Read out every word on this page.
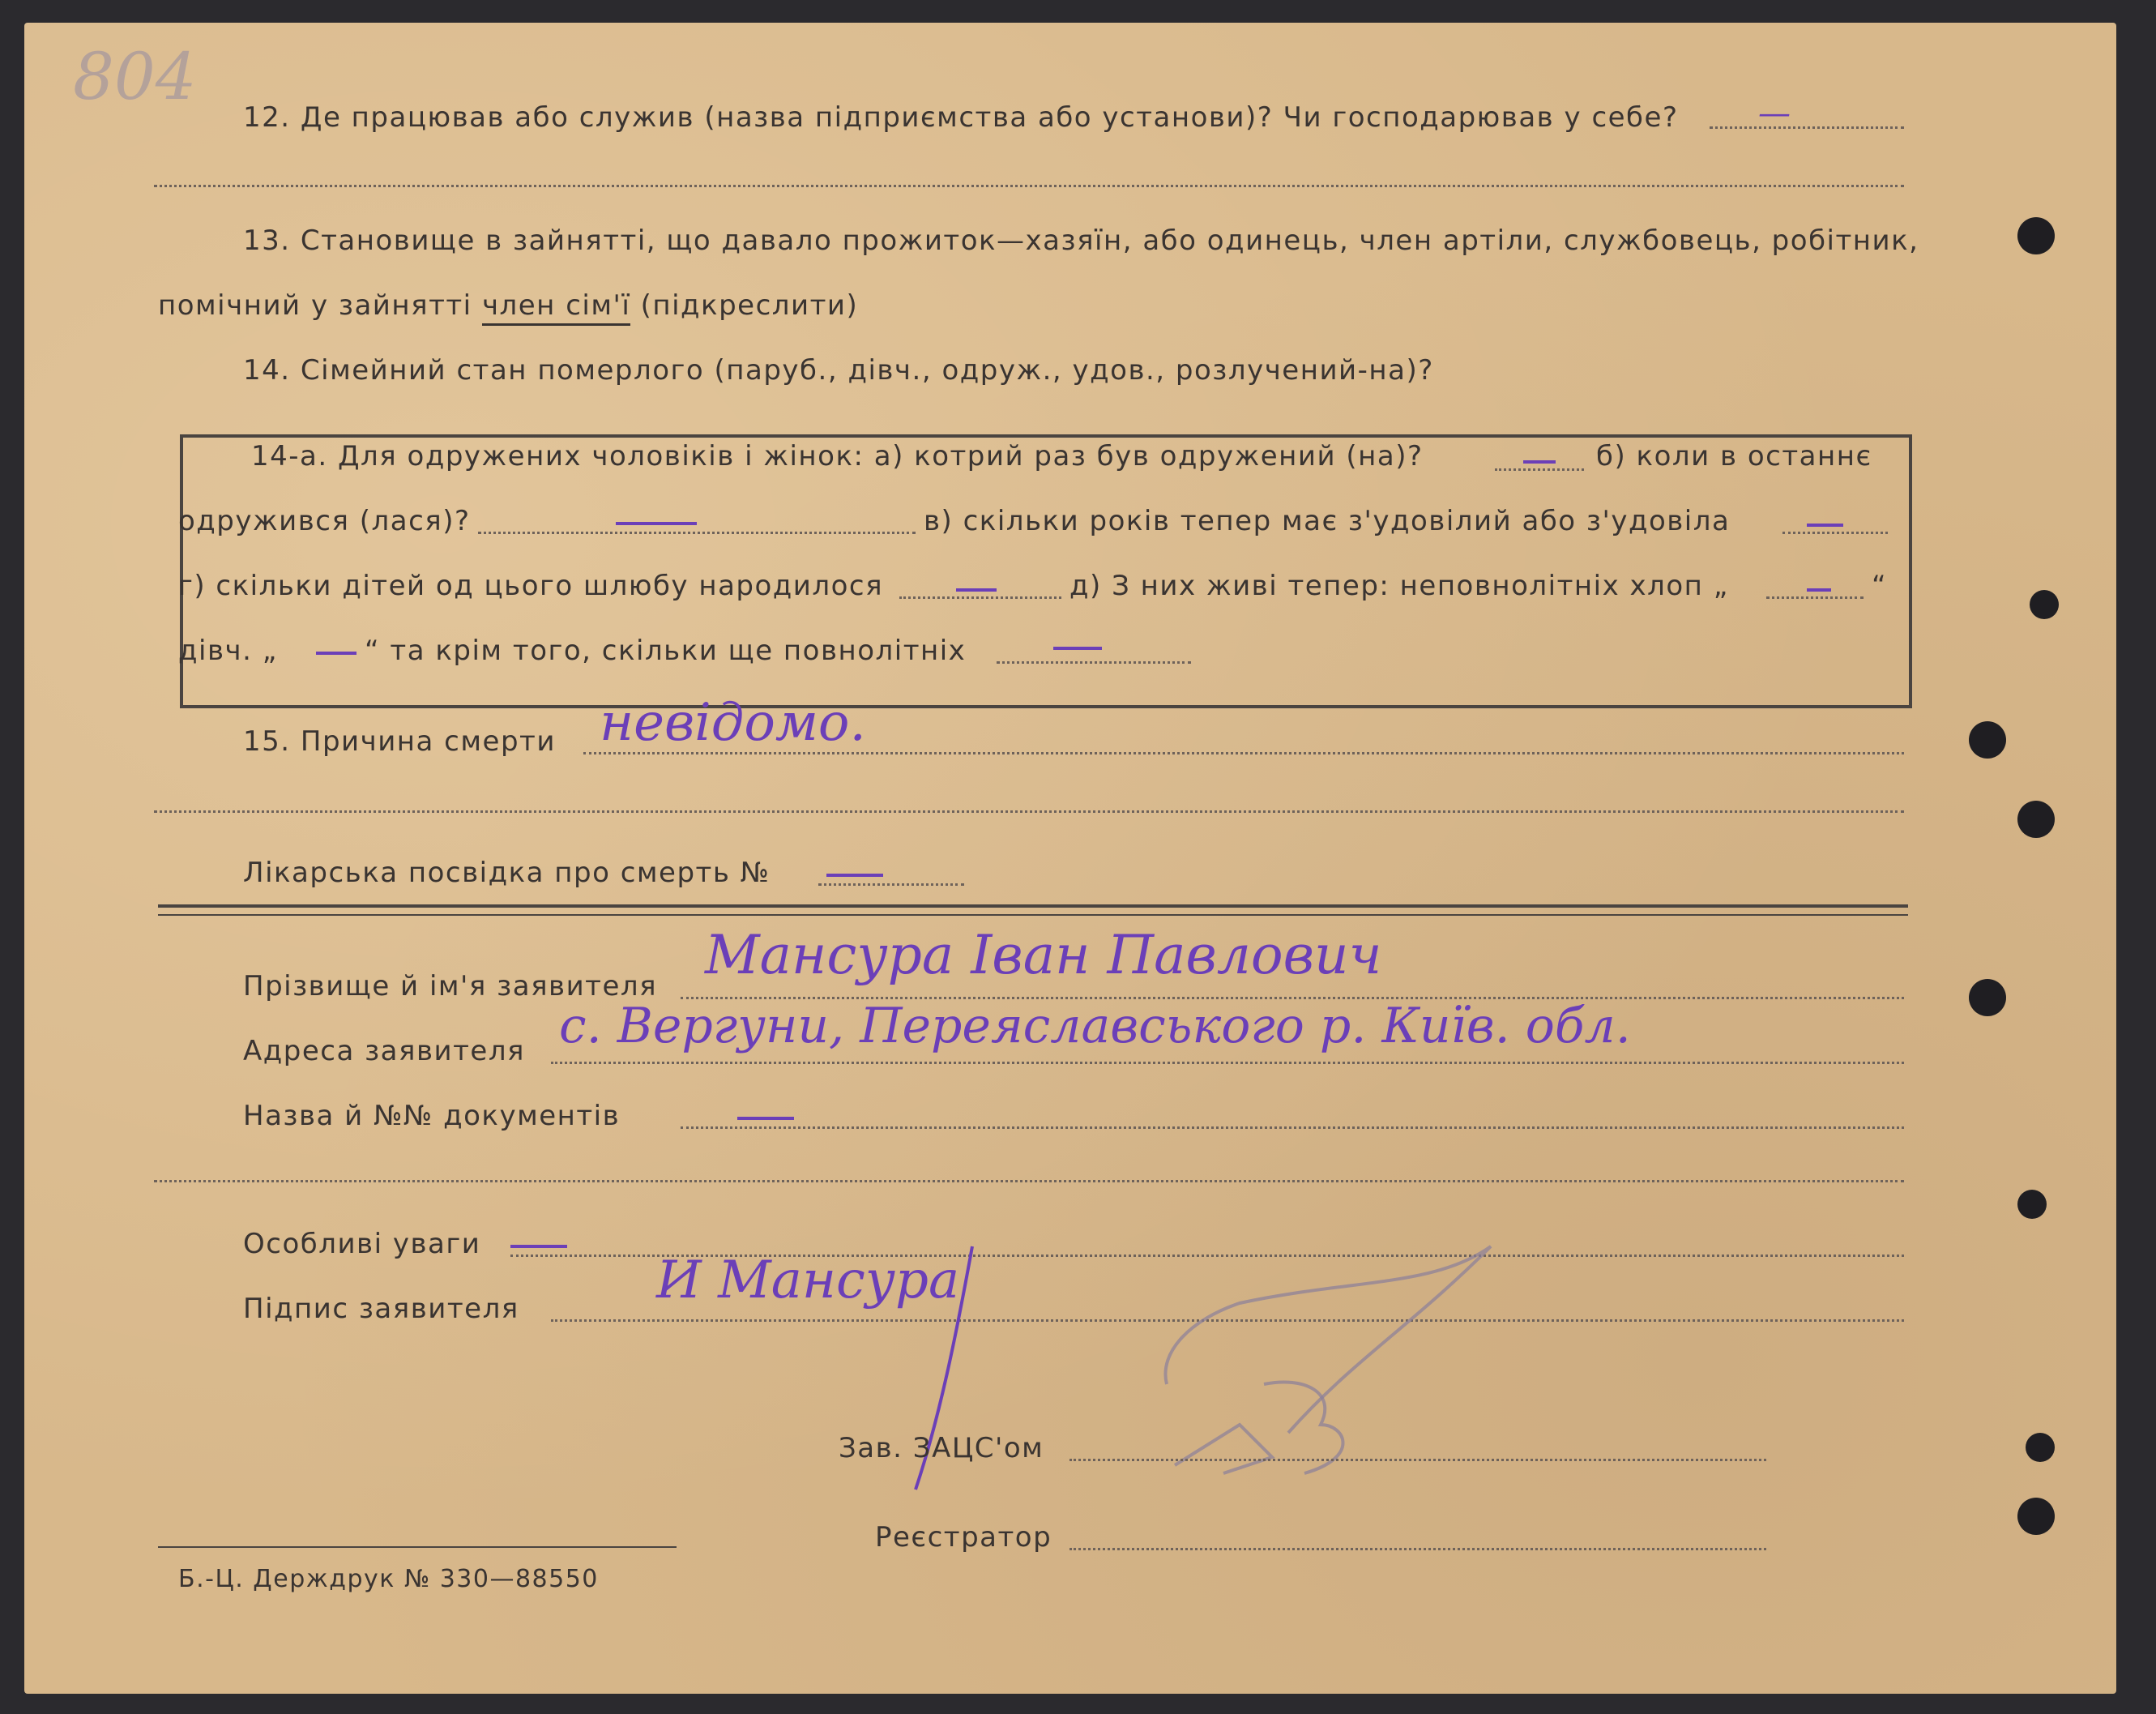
804
12. Де працював або служив (назва підприємства або установи)? Чи господарював у себе? —
13. Становище в зайнятті, що давало прожиток—хазяїн, або одинець, член артіли, службовець, робітник,
помічний у зайнятті член сім'ї (підкреслити)
14. Сімейний стан померлого (паруб., дівч., одруж., удов., розлучений-на)?
14-а. Для одружених чоловіків і жінок: а) котрий раз був одружений (на)?	б) коли в останнє
одружився (лася)?	в) скільки років тепер має з'удовілий або з'удовіла
г) скільки дітей од цього шлюбу народилося	д) З них живі тепер: неповнолітніх хлоп „	“
дівч. „	“ та крім того, скільки ще повнолітніх
15. Причина смерти невідомо.
Лікарська посвідка про смерть №
Прізвище й ім'я заявителя Мансура Іван Павлович
Адреса заявителя с. Вергуни, Переяславського р. Київ. обл.
Назва й №№ документів
Особливі уваги
Підпис заявителя	И Мансура
Зав. ЗАЦС'ом
Реєстратор
Б.-Ц. Держдрук № 330—88550
